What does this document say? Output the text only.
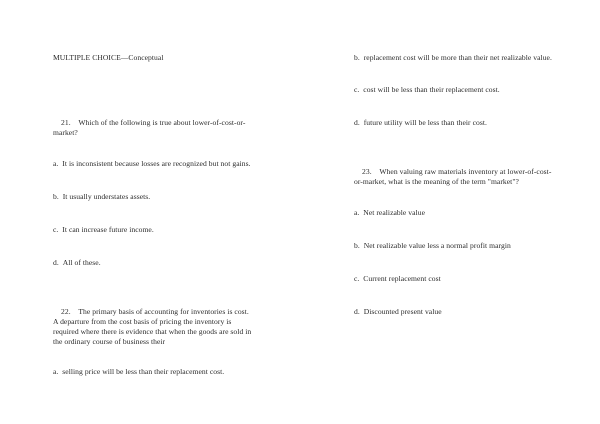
MULTIPLE CHOICE—Conceptual

21. Which of the following is true about lower-of-cost-or-
market?

a. It is inconsistent because losses are recognized but not gains.

b. It usually understates assets.

c. It can increase future income.

d. All of these.

22. The primary basis of accounting for inventories is cost.
A departure from the cost basis of pricing the inventory is
required where there is evidence that when the goods are sold in
the ordinary course of business their

a. selling price will be less than their replacement cost.

b. replacement cost will be more than their net realizable value.

c. cost will be less than their replacement cost.

d. future utility will be less than their cost.

23. When valuing raw materials inventory at lower-of-cost-
or-market, what is the meaning of the term "market"?

a. Net realizable value

b. Net realizable value less a normal profit margin

c. Current replacement cost

d. Discounted present value
